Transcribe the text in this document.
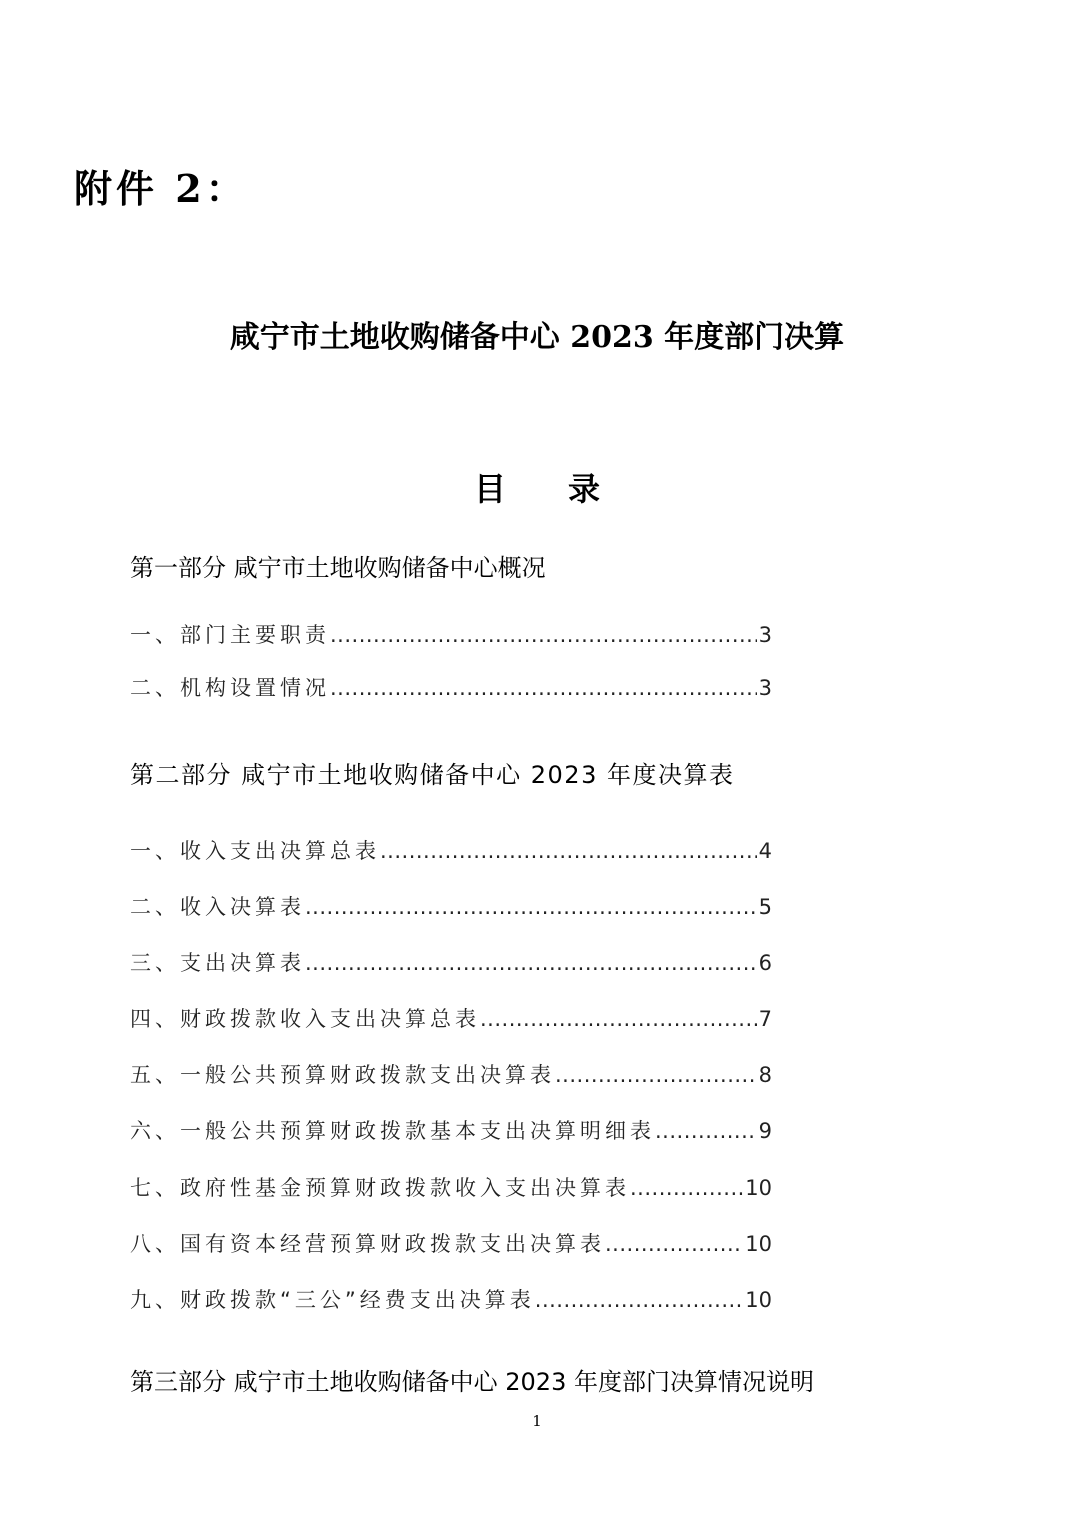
附件 2：
咸宁市土地收购储备中心 2023 年度部门决算
目 录
第一部分 咸宁市土地收购储备中心概况
一、部门主要职责 .....	3
二、机构设置情况 .....	3
第二部分 咸宁市土地收购储备中心 2023 年度决算表
一、收入支出决算总表 .....	4
二、收入决算表 .....	5
三、支出决算表 .....	6
四、财政拨款收入支出决算总表 .....	7
五、一般公共预算财政拨款支出决算表 .....	8
六、一般公共预算财政拨款基本支出决算明细表 .....	9
七、政府性基金预算财政拨款收入支出决算表 .....	10
八、国有资本经营预算财政拨款支出决算表 .....	10
九、财政拨款“三公”经费支出决算表 .....	10
第三部分 咸宁市土地收购储备中心 2023 年度部门决算情况说明
1
